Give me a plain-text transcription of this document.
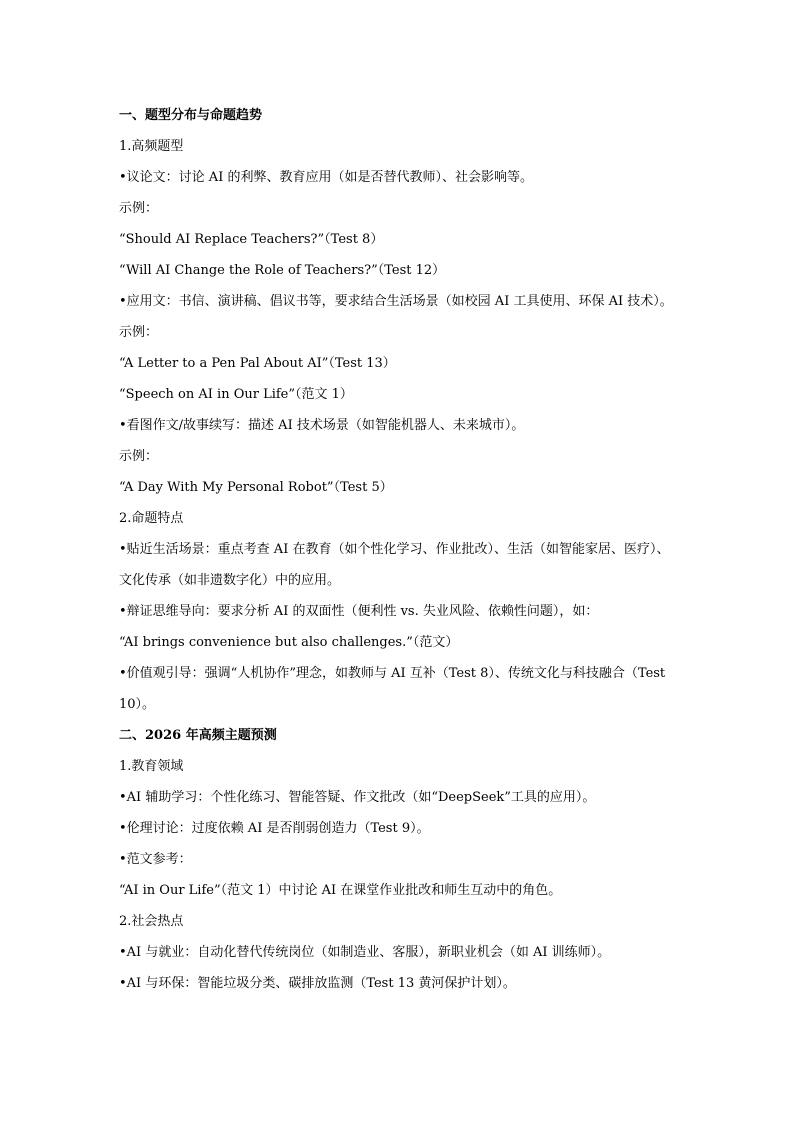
一、题型分布与命题趋势
1.高频题型
•议论文：讨论 AI 的利弊、教育应用（如是否替代教师）、社会影响等。
示例：
“Should AI Replace Teachers?”（Test 8）
“Will AI Change the Role of Teachers?”（Test 12）
•应用文：书信、演讲稿、倡议书等，要求结合生活场景（如校园 AI 工具使用、环保 AI 技术）。
示例：
“A Letter to a Pen Pal About AI”（Test 13）
“Speech on AI in Our Life”（范文 1）
•看图作文/故事续写：描述 AI 技术场景（如智能机器人、未来城市）。
示例：
“A Day With My Personal Robot”（Test 5）
2.命题特点
•贴近生活场景：重点考查 AI 在教育（如个性化学习、作业批改）、生活（如智能家居、医疗）、文化传承（如非遗数字化）中的应用。
•辩证思维导向：要求分析 AI 的双面性（便利性 vs. 失业风险、依赖性问题），如：
“AI brings convenience but also challenges.”（范文）
•价值观引导：强调“人机协作”理念，如教师与 AI 互补（Test 8）、传统文化与科技融合（Test 10）。
二、2026 年高频主题预测
1.教育领域
•AI 辅助学习：个性化练习、智能答疑、作文批改（如“DeepSeek”工具的应用）。
•伦理讨论：过度依赖 AI 是否削弱创造力（Test 9）。
•范文参考：
“AI in Our Life”（范文 1）中讨论 AI 在课堂作业批改和师生互动中的角色。
2.社会热点
•AI 与就业：自动化替代传统岗位（如制造业、客服），新职业机会（如 AI 训练师）。
•AI 与环保：智能垃圾分类、碳排放监测（Test 13 黄河保护计划）。
